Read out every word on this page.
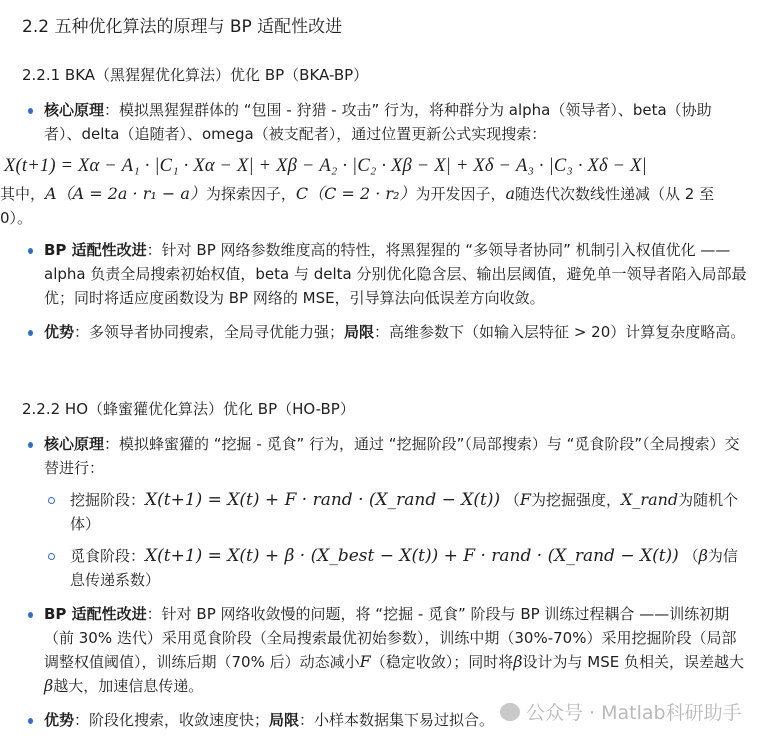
2.2 五种优化算法的原理与 BP 适配性改进
2.2.1 BKA（黑猩猩优化算法）优化 BP（BKA-BP）
核心原理：模拟黑猩猩群体的 “包围 - 狩猎 - 攻击” 行为，将种群分为 alpha（领导者）、beta（协助者）、delta（追随者）、omega（被支配者），通过位置更新公式实现搜索：
X(t+1) = Xα − A₁ · |C₁ · Xα − X| + Xβ − A₂ · |C₂ · Xβ − X| + Xδ − A₃ · |C₃ · Xδ − X|
其中，A（A = 2a · r₁ − a）为探索因子，C（C = 2 · r₂）为开发因子，a随迭代次数线性递减（从 2 至 0）。
BP 适配性改进：针对 BP 网络参数维度高的特性，将黑猩猩的 “多领导者协同” 机制引入权值优化 ——alpha 负责全局搜索初始权值，beta 与 delta 分别优化隐含层、输出层阈值，避免单一领导者陷入局部最优；同时将适应度函数设为 BP 网络的 MSE，引导算法向低误差方向收敛。
优势：多领导者协同搜索，全局寻优能力强；局限：高维参数下（如输入层特征 > 20）计算复杂度略高。
2.2.2 HO（蜂蜜獾优化算法）优化 BP（HO-BP）
核心原理：模拟蜂蜜獾的 “挖掘 - 觅食” 行为，通过 “挖掘阶段”（局部搜索）与 “觅食阶段”（全局搜索）交替进行：
挖掘阶段：X(t+1) = X(t) + F · rand · (X_rand − X(t)) （F为挖掘强度，X_rand为随机个体）
觅食阶段：X(t+1) = X(t) + β · (X_best − X(t)) + F · rand · (X_rand − X(t)) （β为信息传递系数）
BP 适配性改进：针对 BP 网络收敛慢的问题，将 “挖掘 - 觅食” 阶段与 BP 训练过程耦合 ——训练初期（前 30% 迭代）采用觅食阶段（全局搜索最优初始参数），训练中期（30%-70%）采用挖掘阶段（局部调整权值阈值），训练后期（70% 后）动态减小F（稳定收敛）；同时将β设计为与 MSE 负相关，误差越大β越大，加速信息传递。
优势：阶段化搜索，收敛速度快；局限：小样本数据集下易过拟合。	公众号 · Matlab科研助手
